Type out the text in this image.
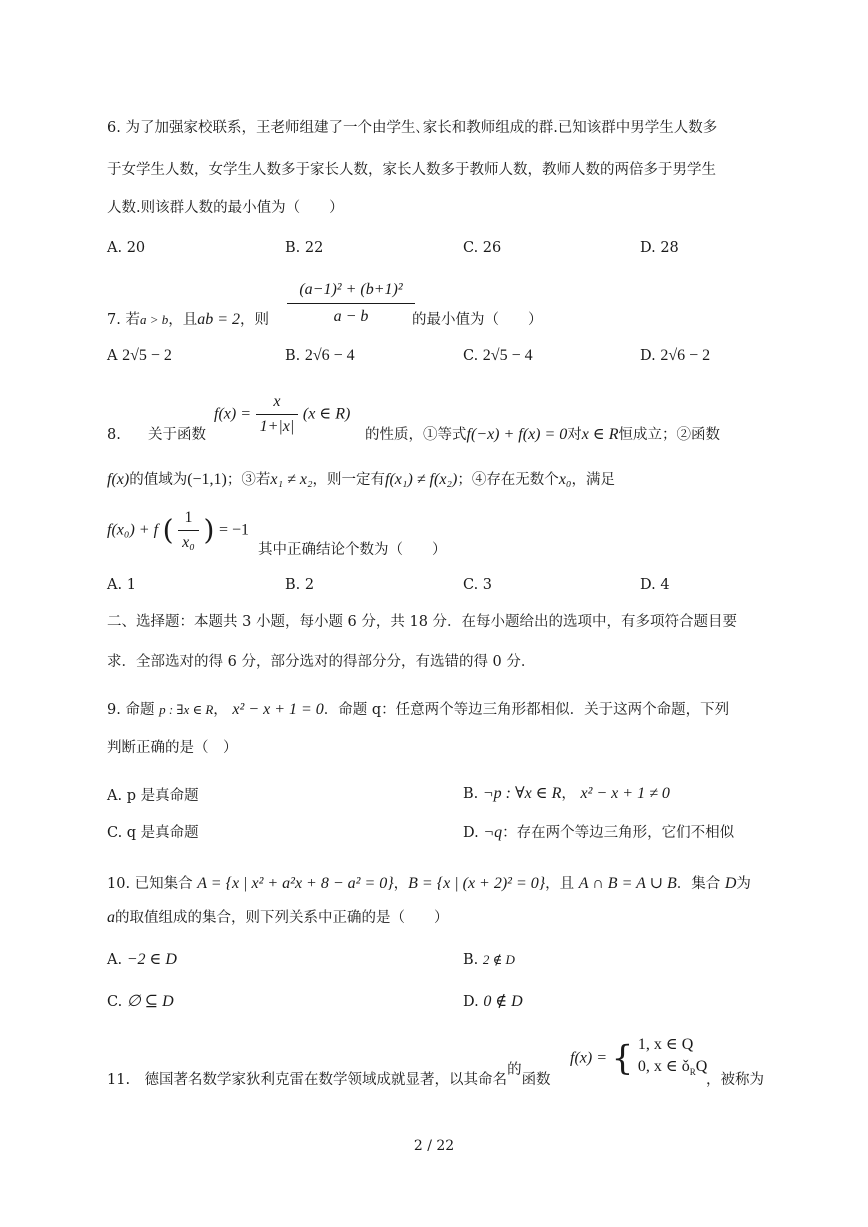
6. 为了加强家校联系，王老师组建了一个由学生､家长和教师组成的群.已知该群中男学生人数多
于女学生人数，女学生人数多于家长人数，家长人数多于教师人数，教师人数的两倍多于男学生
人数.则该群人数的最小值为（　　）
A. 20	B. 22	C. 26	D. 28
7. 若a > b，且ab = 2，则 $\frac{\text{(a−1)² + (b+1)²}}{a - b}$
的最小值为（　　）
A 2√5 − 2	B. 2√6 − 4	C. 2√5 − 4	D. 2√6 − 2
8. 关于函数
$f(x) = \frac{x}{1+|x|} (x$ ∈ R)
的性质，①等式f(−x) + f(x) = 0对x ∈ R恒成立；②函数
f(x)的值域为(−1,1)；③若x₁ ≠ x₂，则一定有f(x₁) ≠ f(x₂)；④存在无数个x₀，满足
f(x₀) + f ( $\frac{1}{\text{x₀}}$ ) = −1
其中正确结论个数为（　　）
A. 1	B. 2	C. 3	D. 4
二、选择题：本题共 3 小题，每小题 6 分，共 18 分．在每小题给出的选项中，有多项符合题目要
求．全部选对的得 6 分，部分选对的得部分分，有选错的得 0 分．
9. 命题 p : ∃x ∈ R， x² − x + 1 = 0．命题 q：任意两个等边三角形都相似．关于这两个命题，下列
判断正确的是（　）
A. p 是真命题	B. ¬p : ∀x ∈ R， x² − x + 1 ≠ 0
C. q 是真命题	D. ¬q：存在两个等边三角形，它们不相似
10. 已知集合 A = {x | x² + a²x + 8 − a² = 0}，B = {x | (x + 2)² = 0}，且 A ∩ B = A ∪ B．集合 D为
a的取值组成的集合，则下列关系中正确的是（　　）
A. −2 ∈ D	B. 2 ∉ D
C. ∅ ⊆ D	D. 0 ∉ D
11.　德国著名数学家狄利克雷在数学领域成就显著，以其命名的函数
f(x) = { 1, x ∈ Q
0, x ∈ $ǒ_RQ$
，被称为
2 / 22
